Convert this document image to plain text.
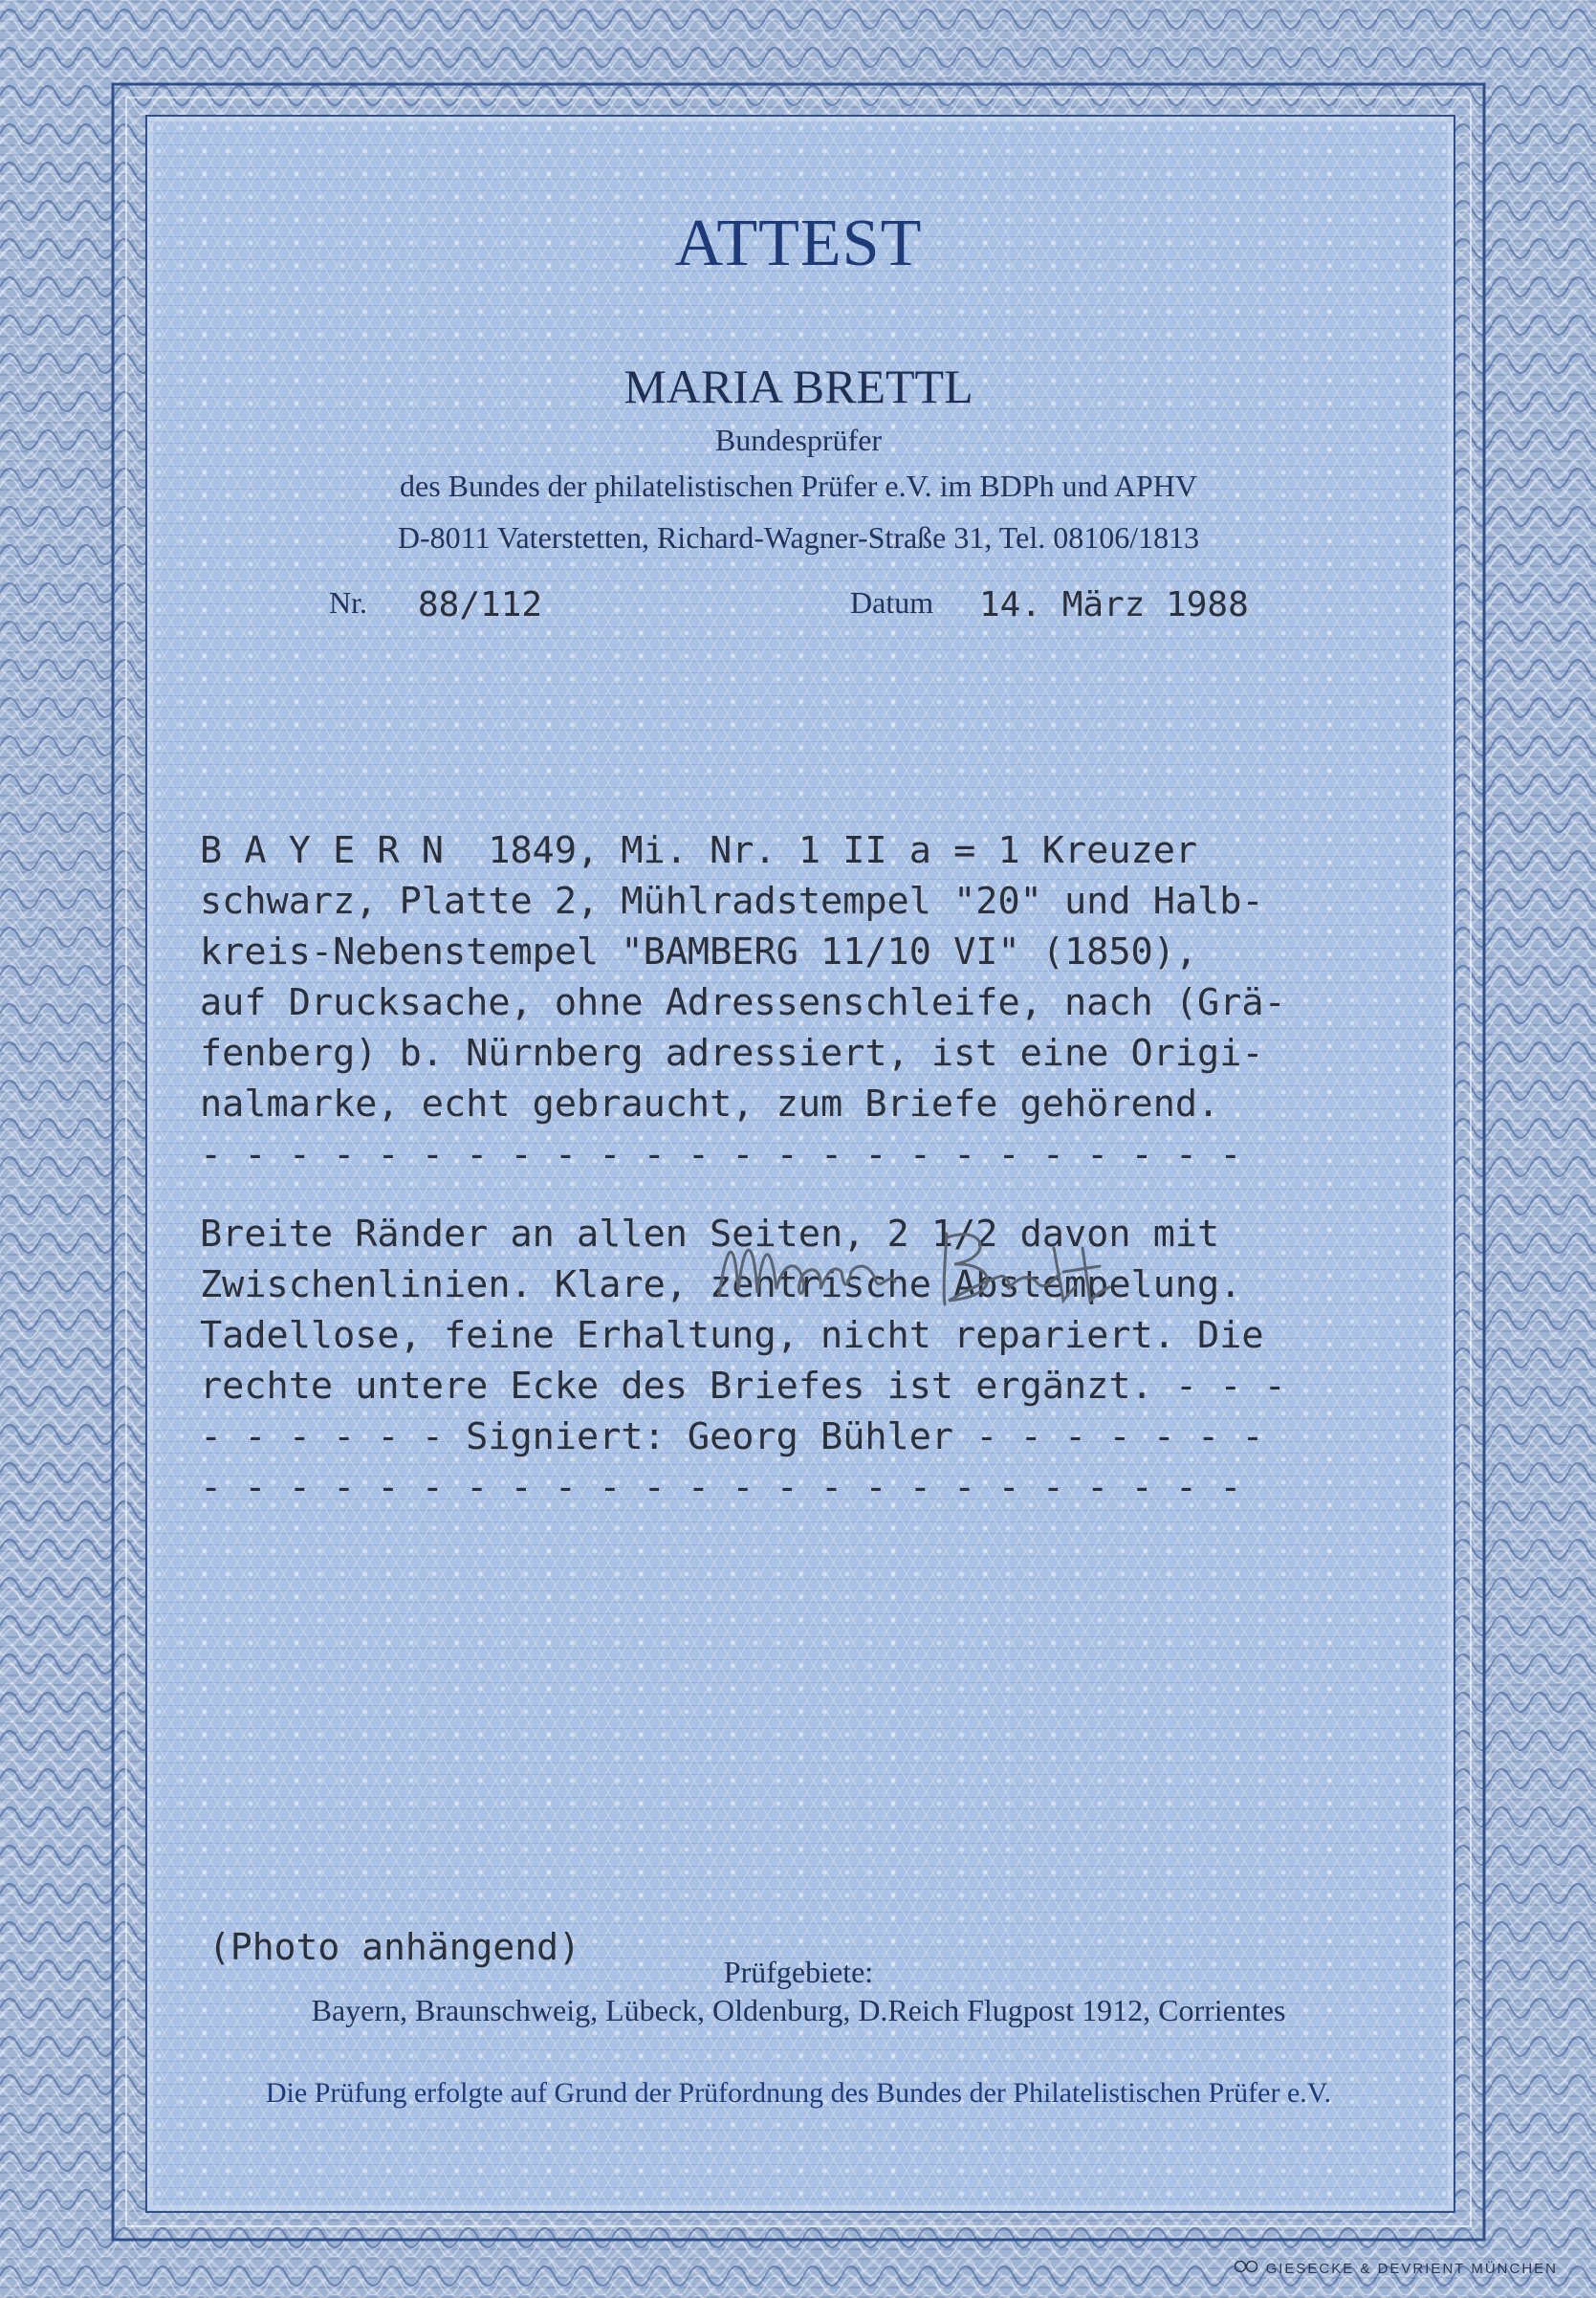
ATTEST
MARIA BRETTL
Bundesprüfer
des Bundes der philatelistischen Prüfer e.V. im BDPh und APHV
D-8011 Vaterstetten, Richard-Wagner-Straße 31, Tel. 08106/1813
Nr. 88/112	Datum 14. März 1988
B A Y E R N  1849, Mi. Nr. 1 II a = 1 Kreuzer
schwarz, Platte 2, Mühlradstempel "20" und Halb-
kreis-Nebenstempel "BAMBERG 11/10 VI" (1850),
auf Drucksache, ohne Adressenschleife, nach (Grä-
fenberg) b. Nürnberg adressiert, ist eine Origi-
nalmarke, echt gebraucht, zum Briefe gehörend.
- - - - - - - - - - - - - - - - - - - - - - - -
Breite Ränder an allen Seiten, 2 1/2 davon mit
Zwischenlinien. Klare, zentrische Abstempelung.
Tadellose, feine Erhaltung, nicht repariert. Die
rechte untere Ecke des Briefes ist ergänzt. - - -
- - - - - - Signiert: Georg Bühler - - - - - - -
- - - - - - - - - - - - - - - - - - - - - - - -
(Photo anhängend)
Prüfgebiete:
Bayern, Braunschweig, Lübeck, Oldenburg, D.Reich Flugpost 1912, Corrientes
Die Prüfung erfolgte auf Grund der Prüfordnung des Bundes der Philatelistischen Prüfer e.V.
GIESECKE & DEVRIENT MÜNCHEN
